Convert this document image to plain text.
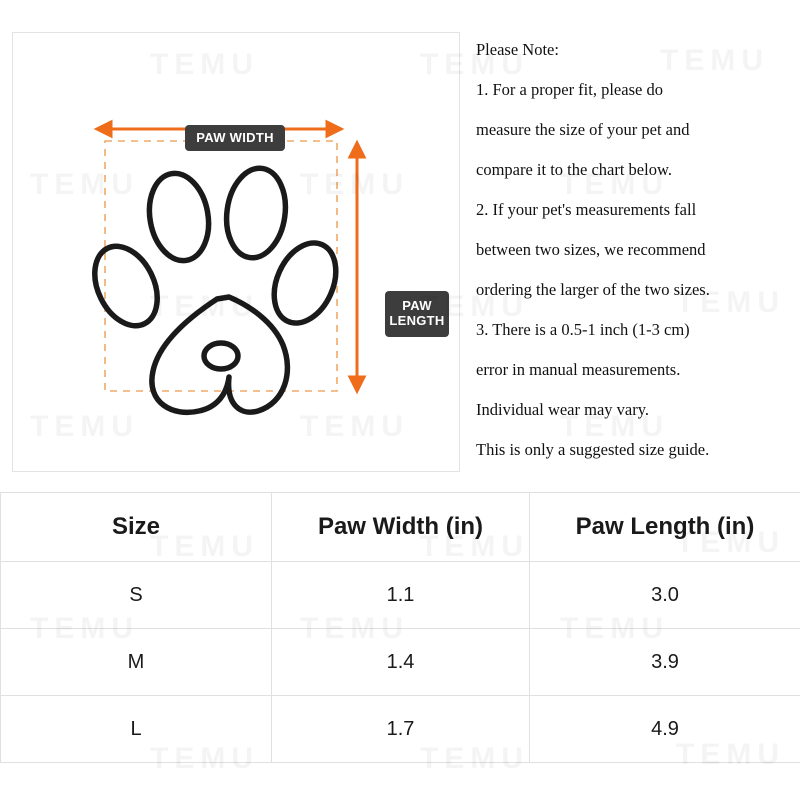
PAW WIDTH
PAW
LENGTH

Please Note:

1. For a proper fit, please do

measure the size of your pet and

compare it to the chart below.

2. If your pet's measurements fall

between two sizes, we recommend

ordering the larger of the two sizes.

3. There is a 0.5-1 inch (1-3 cm)

error in manual measurements.

Individual wear may vary.

This is only a suggested size guide.

Size	Paw Width (in)	Paw Length (in)
S	1.1	3.0
M	1.4	3.9
L	1.7	4.9
